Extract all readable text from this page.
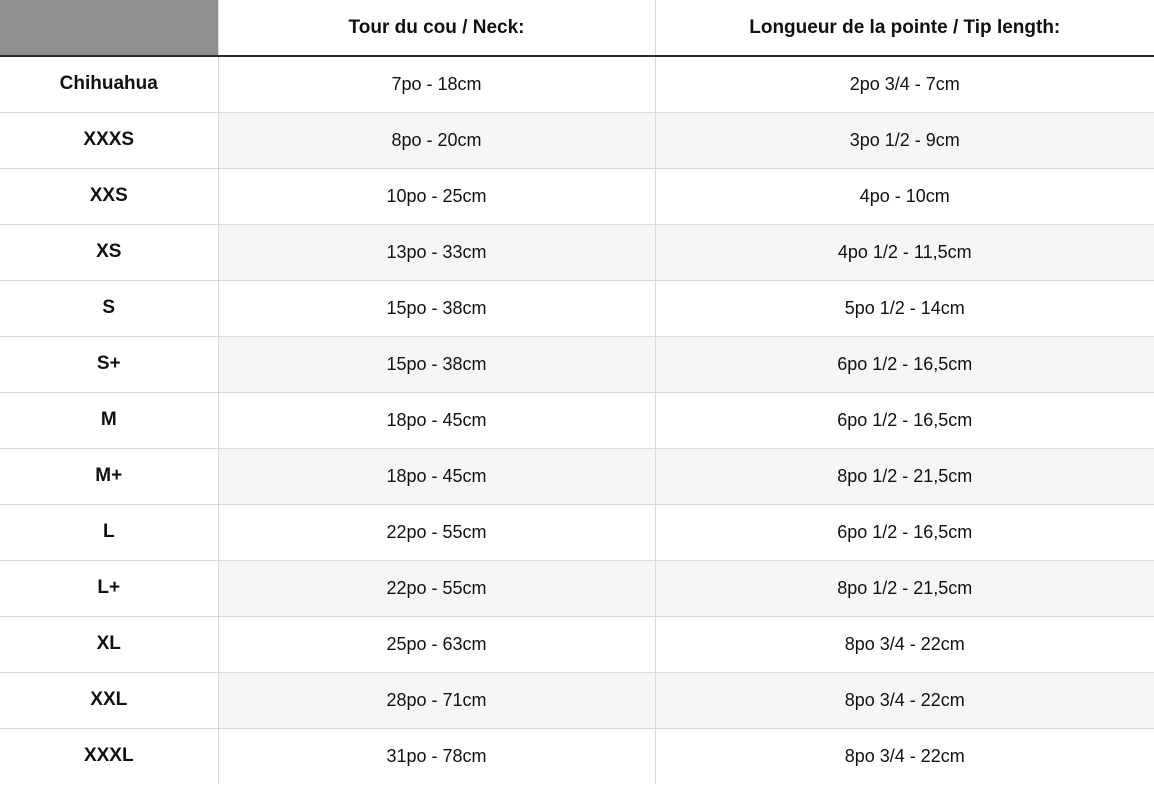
	Tour du cou / Neck:	Longueur de la pointe / Tip length:
Chihuahua	7po - 18cm	2po 3/4 - 7cm
XXXS	8po - 20cm	3po 1/2 - 9cm
XXS	10po - 25cm	4po - 10cm
XS	13po - 33cm	4po 1/2 - 11,5cm
S	15po - 38cm	5po 1/2 - 14cm
S+	15po - 38cm	6po 1/2 - 16,5cm
M	18po - 45cm	6po 1/2 - 16,5cm
M+	18po - 45cm	8po 1/2 - 21,5cm
L	22po - 55cm	6po 1/2 - 16,5cm
L+	22po - 55cm	8po 1/2 - 21,5cm
XL	25po - 63cm	8po 3/4 - 22cm
XXL	28po - 71cm	8po 3/4 - 22cm
XXXL	31po - 78cm	8po 3/4 - 22cm
